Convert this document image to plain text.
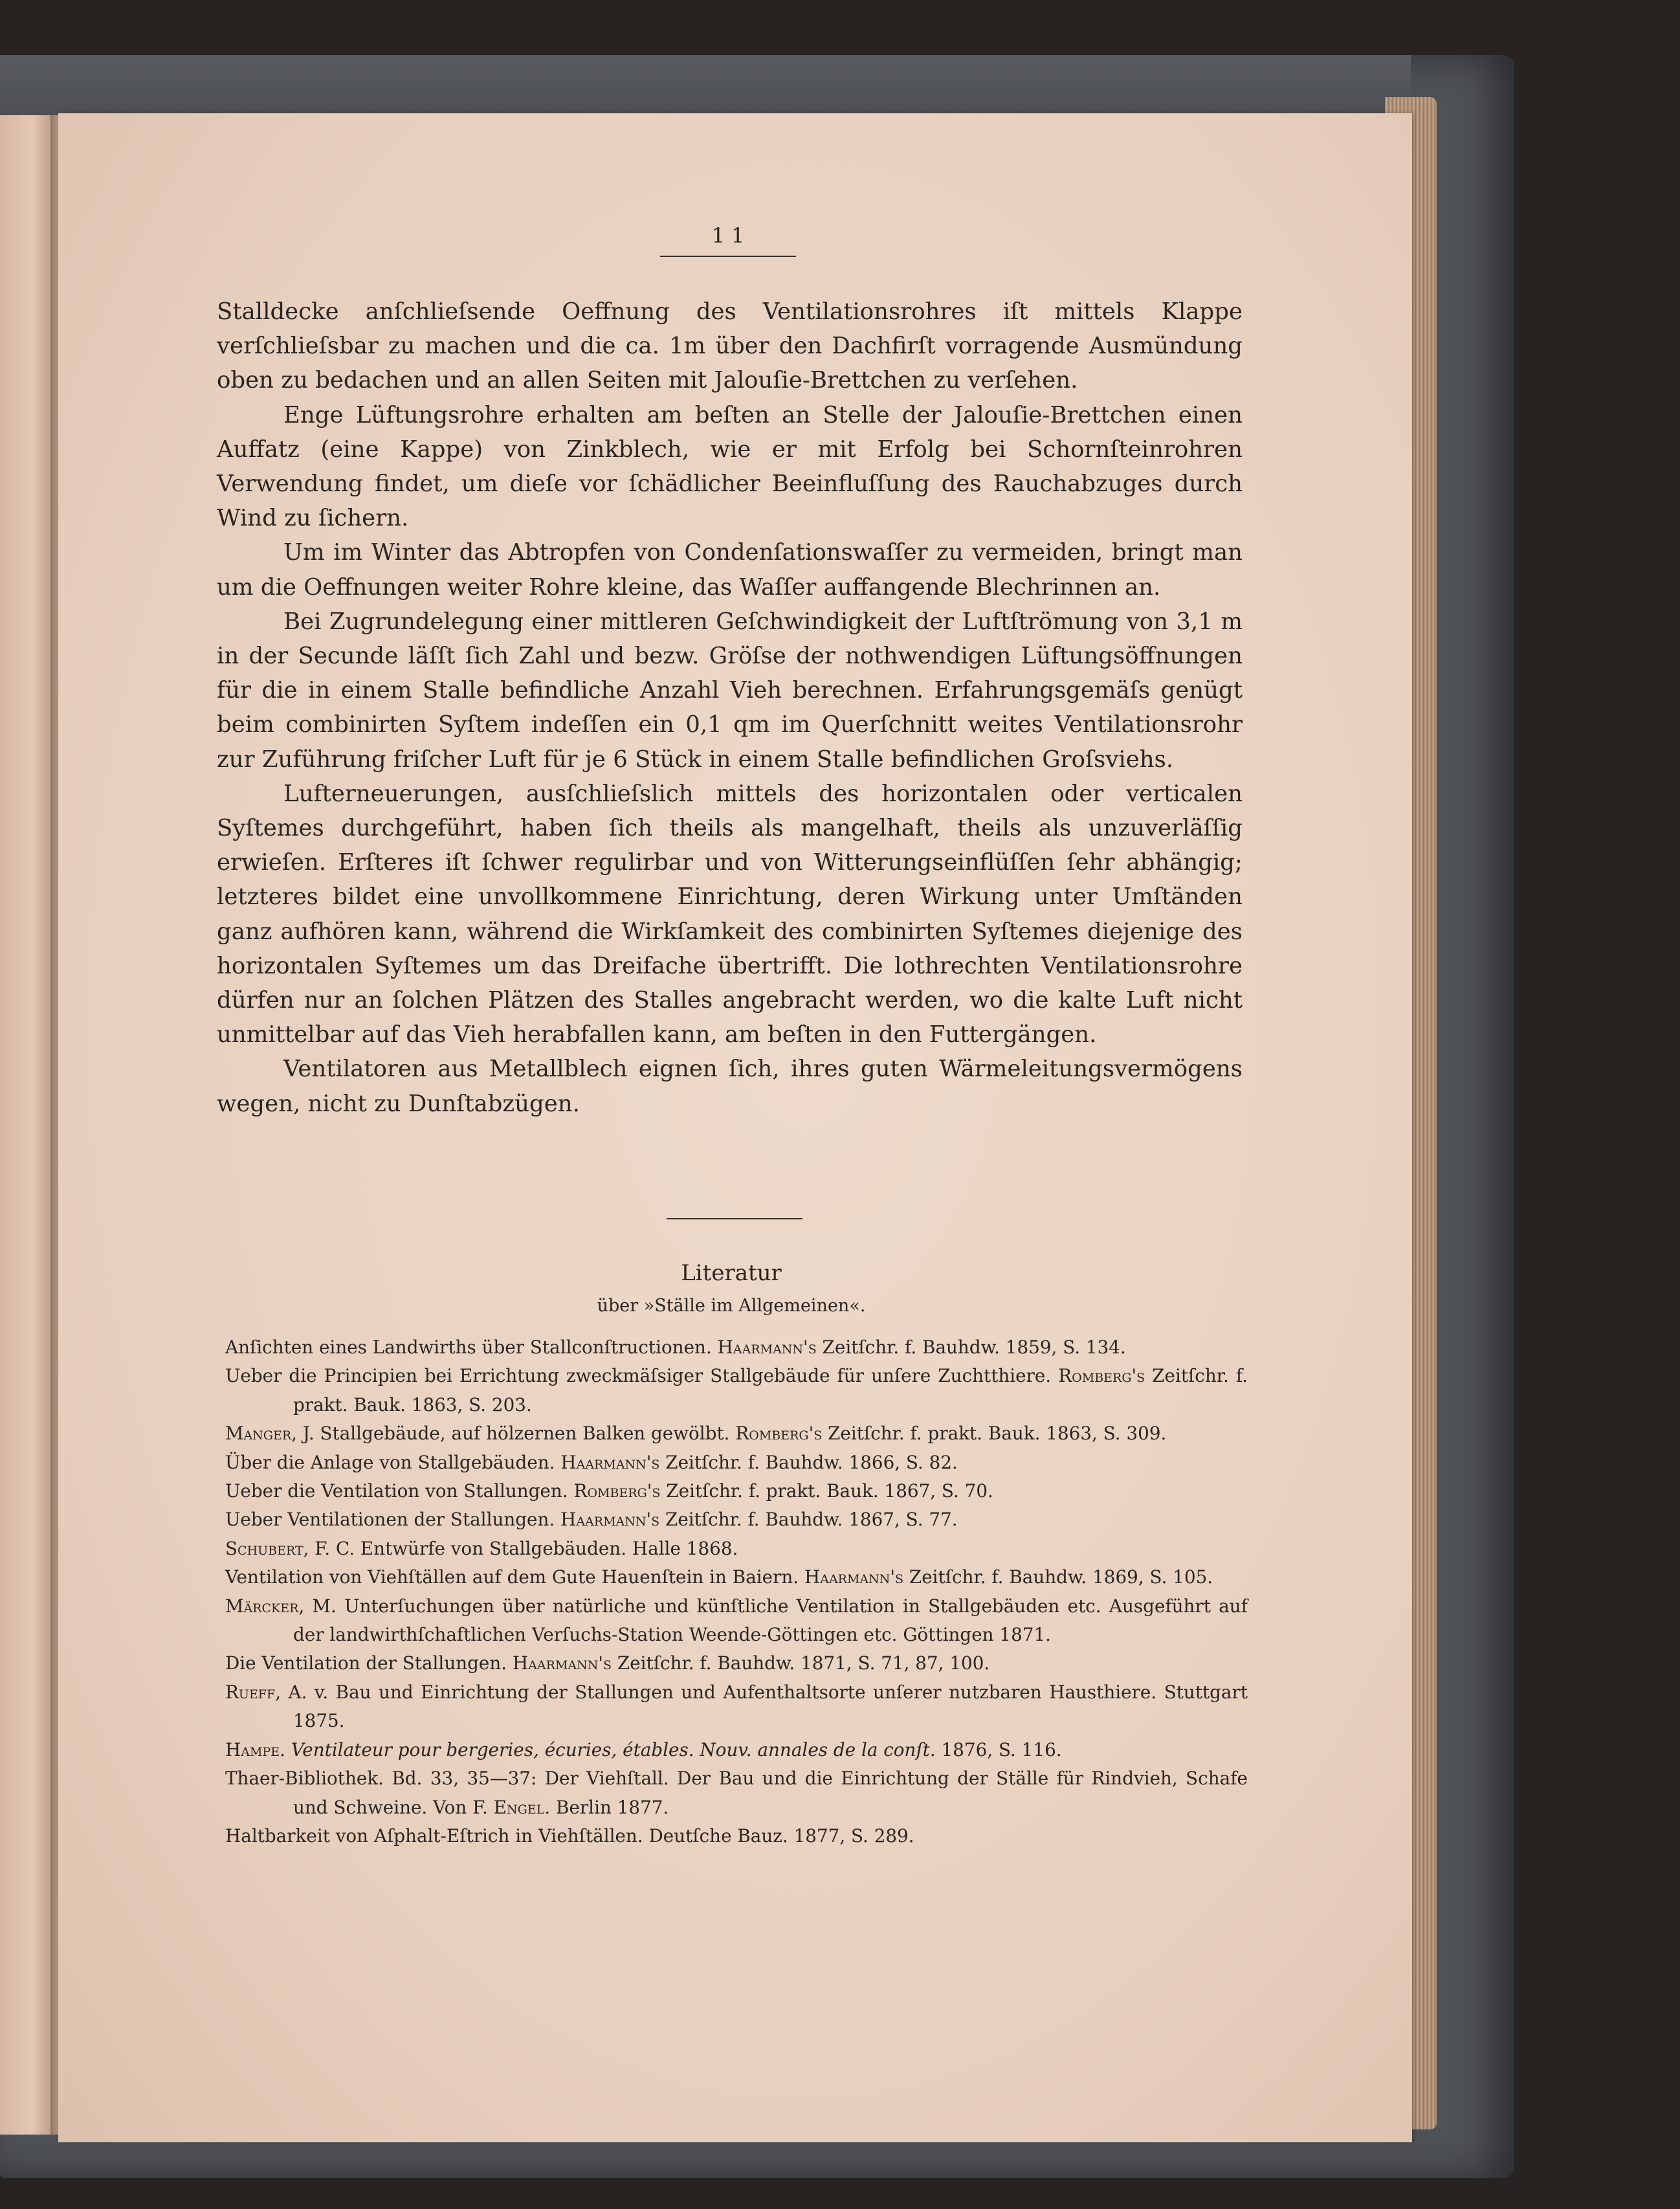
11

Stalldecke anſchlieſsende Oeffnung des Ventilationsrohres iſt mittels Klappe verſchlieſsbar zu machen und die ca. 1m über den Dachfirſt vorragende Ausmündung oben zu bedachen und an allen Seiten mit Jalouſie-Brettchen zu verſehen.

Enge Lüftungsrohre erhalten am beſten an Stelle der Jalouſie-Brettchen einen Auffatz (eine Kappe) von Zinkblech, wie er mit Erfolg bei Schornſteinrohren Verwendung findet, um dieſe vor ſchädlicher Beeinfluſſung des Rauchabzuges durch Wind zu ſichern.

Um im Winter das Abtropfen von Condenſationswaſſer zu vermeiden, bringt man um die Oeffnungen weiter Rohre kleine, das Waſſer auffangende Blechrinnen an.

Bei Zugrundelegung einer mittleren Geſchwindigkeit der Luftſtrömung von 3,1 m in der Secunde läſſt ſich Zahl und bezw. Gröſse der nothwendigen Lüftungsöffnungen für die in einem Stalle befindliche Anzahl Vieh berechnen. Erfahrungsgemäſs genügt beim combinirten Syſtem indeſſen ein 0,1 qm im Querſchnitt weites Ventilationsrohr zur Zuführung friſcher Luft für je 6 Stück in einem Stalle befindlichen Groſsviehs.

Lufterneuerungen, ausſchlieſslich mittels des horizontalen oder verticalen Syſtemes durchgeführt, haben ſich theils als mangelhaft, theils als unzuverläſſig erwieſen. Erſteres iſt ſchwer regulirbar und von Witterungseinflüſſen ſehr abhängig; letzteres bildet eine unvollkommene Einrichtung, deren Wirkung unter Umſtänden ganz aufhören kann, während die Wirkſamkeit des combinirten Syſtemes diejenige des horizontalen Syſtemes um das Dreifache übertrifft. Die lothrechten Ventilationsrohre dürfen nur an ſolchen Plätzen des Stalles angebracht werden, wo die kalte Luft nicht unmittelbar auf das Vieh herabfallen kann, am beſten in den Futtergängen.

Ventilatoren aus Metallblech eignen ſich, ihres guten Wärmeleitungsvermögens wegen, nicht zu Dunſtabzügen.

Literatur
über »Ställe im Allgemeinen«.

Anſichten eines Landwirths über Stallconſtructionen. Haarmann's Zeitſchr. f. Bauhdw. 1859, S. 134.

Ueber die Principien bei Errichtung zweckmäſsiger Stallgebäude für unſere Zuchtthiere. Romberg's Zeitſchr. f. prakt. Bauk. 1863, S. 203.

Manger, J. Stallgebäude, auf hölzernen Balken gewölbt. Romberg's Zeitſchr. f. prakt. Bauk. 1863, S. 309.

Über die Anlage von Stallgebäuden. Haarmann's Zeitſchr. f. Bauhdw. 1866, S. 82.

Ueber die Ventilation von Stallungen. Romberg's Zeitſchr. f. prakt. Bauk. 1867, S. 70.

Ueber Ventilationen der Stallungen. Haarmann's Zeitſchr. f. Bauhdw. 1867, S. 77.

Schubert, F. C. Entwürfe von Stallgebäuden. Halle 1868.

Ventilation von Viehſtällen auf dem Gute Hauenſtein in Baiern. Haarmann's Zeitſchr. f. Bauhdw. 1869, S. 105.

Märcker, M. Unterſuchungen über natürliche und künſtliche Ventilation in Stallgebäuden etc. Ausgeführt auf der landwirthſchaftlichen Verſuchs-Station Weende-Göttingen etc. Göttingen 1871.

Die Ventilation der Stallungen. Haarmann's Zeitſchr. f. Bauhdw. 1871, S. 71, 87, 100.

Rueff, A. v. Bau und Einrichtung der Stallungen und Aufenthaltsorte unſerer nutzbaren Hausthiere. Stuttgart 1875.

Hampe. Ventilateur pour bergeries, écuries, étables. Nouv. annales de la conſt. 1876, S. 116.

Thaer-Bibliothek. Bd. 33, 35—37: Der Viehſtall. Der Bau und die Einrichtung der Ställe für Rindvieh, Schafe und Schweine. Von F. Engel. Berlin 1877.

Haltbarkeit von Aſphalt-Eſtrich in Viehſtällen. Deutſche Bauz. 1877, S. 289.
